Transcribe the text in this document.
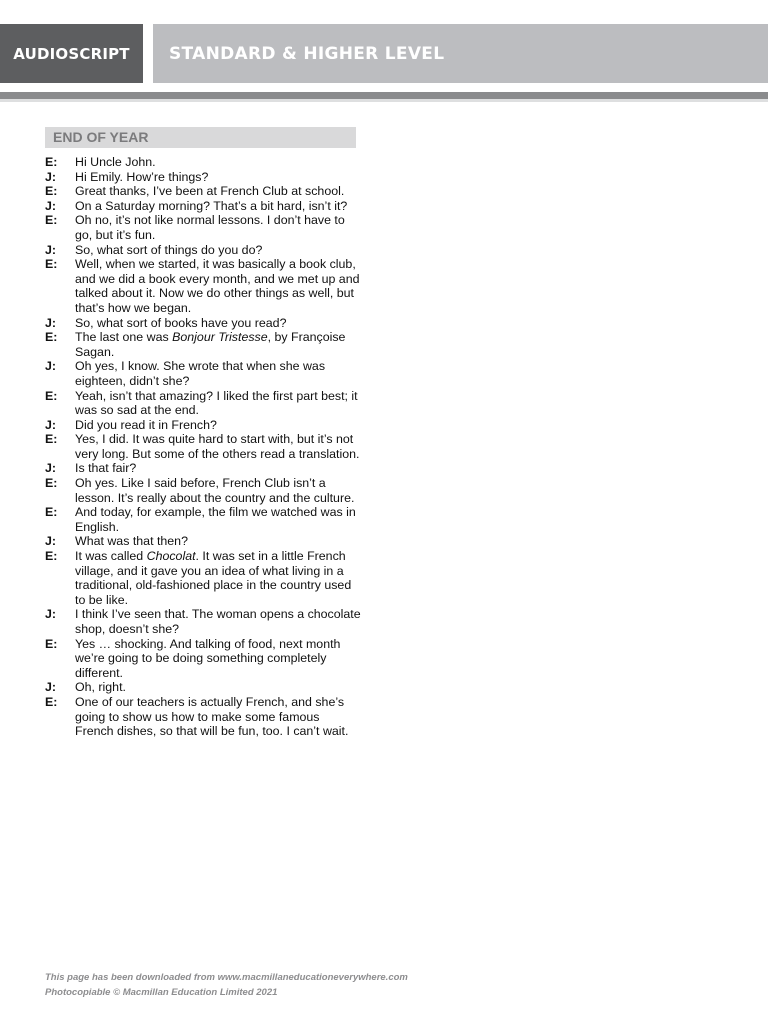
AUDIOSCRIPT	STANDARD & HIGHER LEVEL
END OF YEAR
E:	Hi Uncle John.
J:	Hi Emily. How’re things?
E:	Great thanks, I’ve been at French Club at school.
J:	On a Saturday morning? That’s a bit hard, isn’t it?
E:	Oh no, it’s not like normal lessons. I don’t have to go, but it’s fun.
J:	So, what sort of things do you do?
E:	Well, when we started, it was basically a book club, and we did a book every month, and we met up and talked about it. Now we do other things as well, but that’s how we began.
J:	So, what sort of books have you read?
E:	The last one was Bonjour Tristesse, by Françoise Sagan.
J:	Oh yes, I know. She wrote that when she was eighteen, didn’t she?
E:	Yeah, isn’t that amazing? I liked the first part best; it was so sad at the end.
J:	Did you read it in French?
E:	Yes, I did. It was quite hard to start with, but it’s not very long. But some of the others read a translation.
J:	Is that fair?
E:	Oh yes. Like I said before, French Club isn’t a lesson. It’s really about the country and the culture.
E:	And today, for example, the film we watched was in English.
J:	What was that then?
E:	It was called Chocolat. It was set in a little French village, and it gave you an idea of what living in a traditional, old-fashioned place in the country used to be like.
J:	I think I’ve seen that. The woman opens a chocolate shop, doesn’t she?
E:	Yes … shocking. And talking of food, next month we’re going to be doing something completely different.
J:	Oh, right.
E:	One of our teachers is actually French, and she’s going to show us how to make some famous French dishes, so that will be fun, too. I can’t wait.
This page has been downloaded from www.macmillaneducationeverywhere.com
Photocopiable © Macmillan Education Limited 2021
